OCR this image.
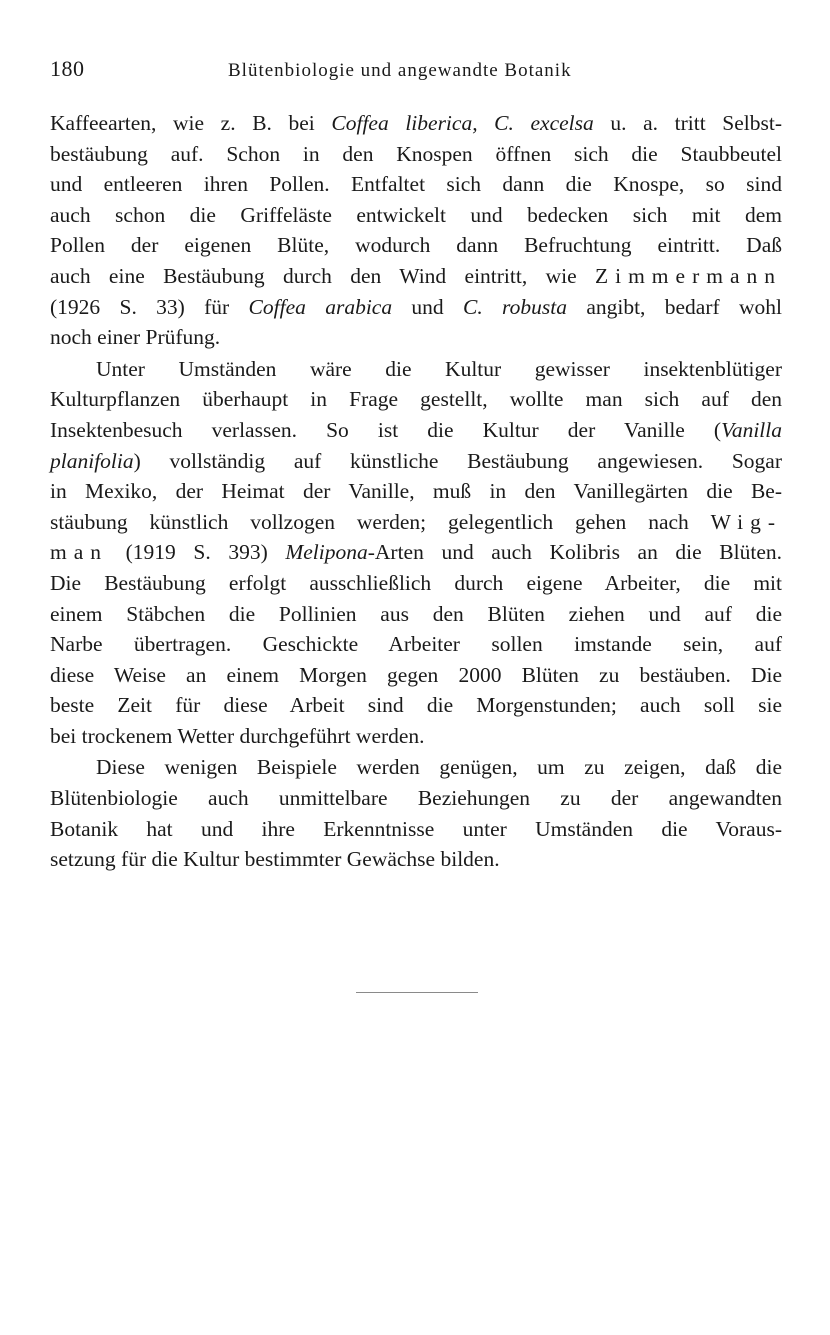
180	Blütenbiologie und angewandte Botanik

Kaffeearten, wie z. B. bei Coffea liberica, C. excelsa u. a. tritt Selbst-
bestäubung auf. Schon in den Knospen öffnen sich die Staubbeutel
und entleeren ihren Pollen. Entfaltet sich dann die Knospe, so sind
auch schon die Griffeläste entwickelt und bedecken sich mit dem
Pollen der eigenen Blüte, wodurch dann Befruchtung eintritt. Daß
auch eine Bestäubung durch den Wind eintritt, wie Zimmermann
(1926 S. 33) für Coffea arabica und C. robusta angibt, bedarf wohl
noch einer Prüfung.

Unter Umständen wäre die Kultur gewisser insektenblütiger
Kulturpflanzen überhaupt in Frage gestellt, wollte man sich auf den
Insektenbesuch verlassen. So ist die Kultur der Vanille (Vanilla
planifolia) vollständig auf künstliche Bestäubung angewiesen. Sogar
in Mexiko, der Heimat der Vanille, muß in den Vanillegärten die Be-
stäubung künstlich vollzogen werden; gelegentlich gehen nach Wig-
man (1919 S. 393) Melipona-Arten und auch Kolibris an die Blüten.
Die Bestäubung erfolgt ausschließlich durch eigene Arbeiter, die mit
einem Stäbchen die Pollinien aus den Blüten ziehen und auf die
Narbe übertragen. Geschickte Arbeiter sollen imstande sein, auf
diese Weise an einem Morgen gegen 2000 Blüten zu bestäuben. Die
beste Zeit für diese Arbeit sind die Morgenstunden; auch soll sie
bei trockenem Wetter durchgeführt werden.

Diese wenigen Beispiele werden genügen, um zu zeigen, daß die
Blütenbiologie auch unmittelbare Beziehungen zu der angewandten
Botanik hat und ihre Erkenntnisse unter Umständen die Voraus-
setzung für die Kultur bestimmter Gewächse bilden.
